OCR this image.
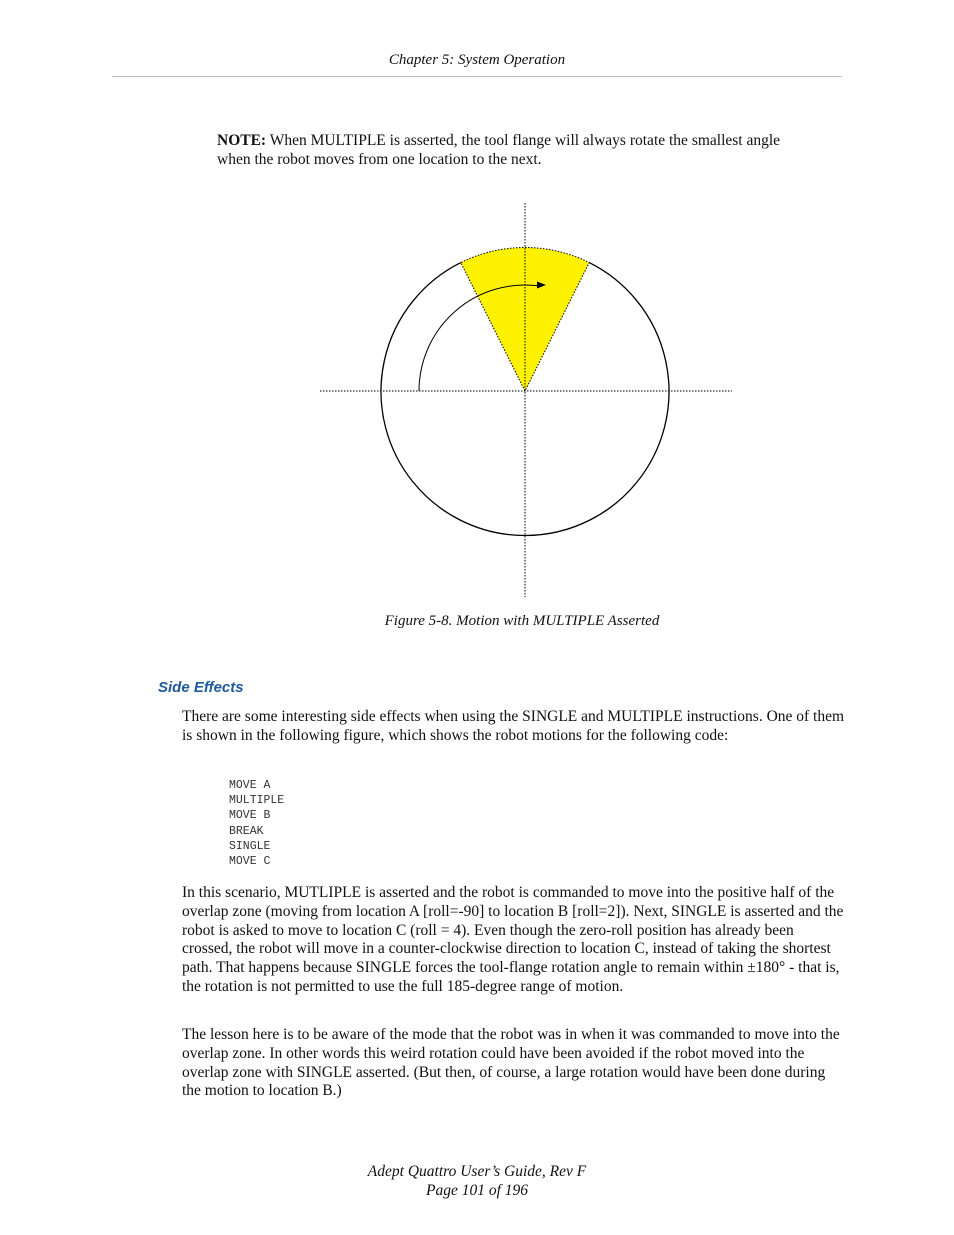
Chapter 5: System Operation
NOTE: When MULTIPLE is asserted, the tool flange will always rotate the smallest angle when the robot moves from one location to the next.
Figure 5-8. Motion with MULTIPLE Asserted
Side Effects
There are some interesting side effects when using the SINGLE and MULTIPLE instructions. One of them is shown in the following figure, which shows the robot motions for the following code:
MOVE A
MULTIPLE
MOVE B
BREAK
SINGLE
MOVE C
In this scenario, MUTLIPLE is asserted and the robot is commanded to move into the positive half of the overlap zone (moving from location A [roll=-90] to location B [roll=2]). Next, SINGLE is asserted and the robot is asked to move to location C (roll = 4). Even though the zero-roll position has already been crossed, the robot will move in a counter-clockwise direction to location C, instead of taking the shortest path. That happens because SINGLE forces the tool-flange rotation angle to remain within ±180° - that is, the rotation is not permitted to use the full 185-degree range of motion.
The lesson here is to be aware of the mode that the robot was in when it was commanded to move into the overlap zone. In other words this weird rotation could have been avoided if the robot moved into the overlap zone with SINGLE asserted. (But then, of course, a large rotation would have been done during the motion to location B.)
Adept Quattro User’s Guide, Rev F
Page 101 of 196
